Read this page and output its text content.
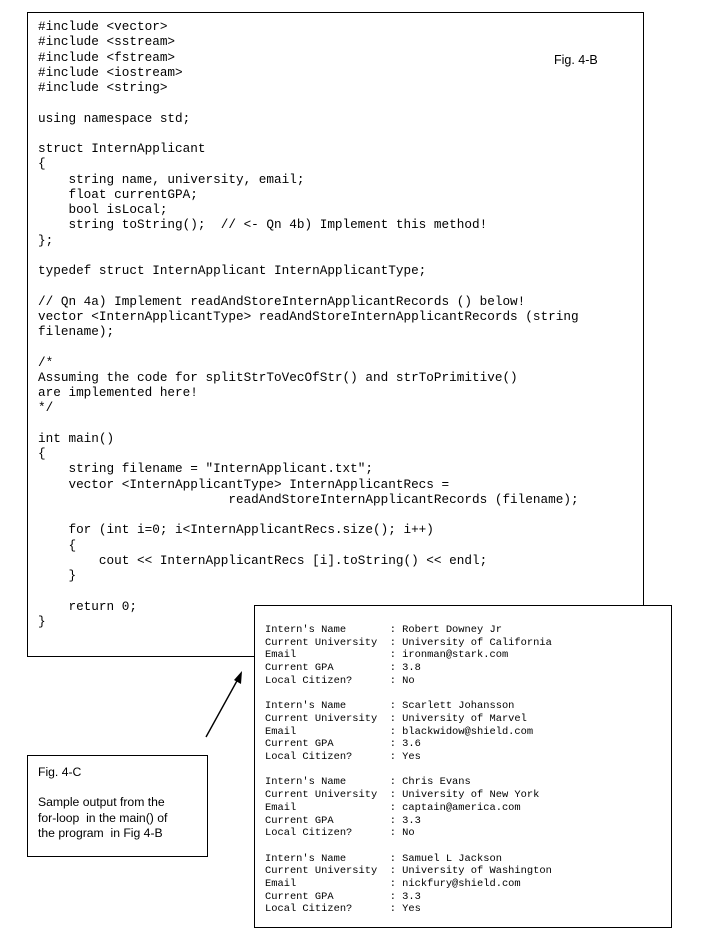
#include <vector>
#include <sstream>
#include <fstream>
#include <iostream>
#include <string>

using namespace std;

struct InternApplicant
{
string name, university, email;
float currentGPA;
bool isLocal;
string toString();  // <- Qn 4b) Implement this method!
};

typedef struct InternApplicant InternApplicantType;

// Qn 4a) Implement readAndStoreInternApplicantRecords () below!
vector <InternApplicantType> readAndStoreInternApplicantRecords (string
filename);

/*
Assuming the code for splitStrToVecOfStr() and strToPrimitive()
are implemented here!
*/

int main()
{
string filename = "InternApplicant.txt";
vector <InternApplicantType> InternApplicantRecs =
readAndStoreInternApplicantRecords (filename);

for (int i=0; i<InternApplicantRecs.size(); i++)
{
cout << InternApplicantRecs [i].toString() << endl;
}

return 0;
}
Fig. 4-B
Intern's Name       : Robert Downey Jr
Current University  : University of California
Email               : ironman@stark.com
Current GPA         : 3.8
Local Citizen?      : No

Intern's Name       : Scarlett Johansson
Current University  : University of Marvel
Email               : blackwidow@shield.com
Current GPA         : 3.6
Local Citizen?      : Yes

Intern's Name       : Chris Evans
Current University  : University of New York
Email               : captain@america.com
Current GPA         : 3.3
Local Citizen?      : No

Intern's Name       : Samuel L Jackson
Current University  : University of Washington
Email               : nickfury@shield.com
Current GPA         : 3.3
Local Citizen?      : Yes
Fig. 4-C
Sample output from the
for-loop  in the main() of
the program  in Fig 4-B
